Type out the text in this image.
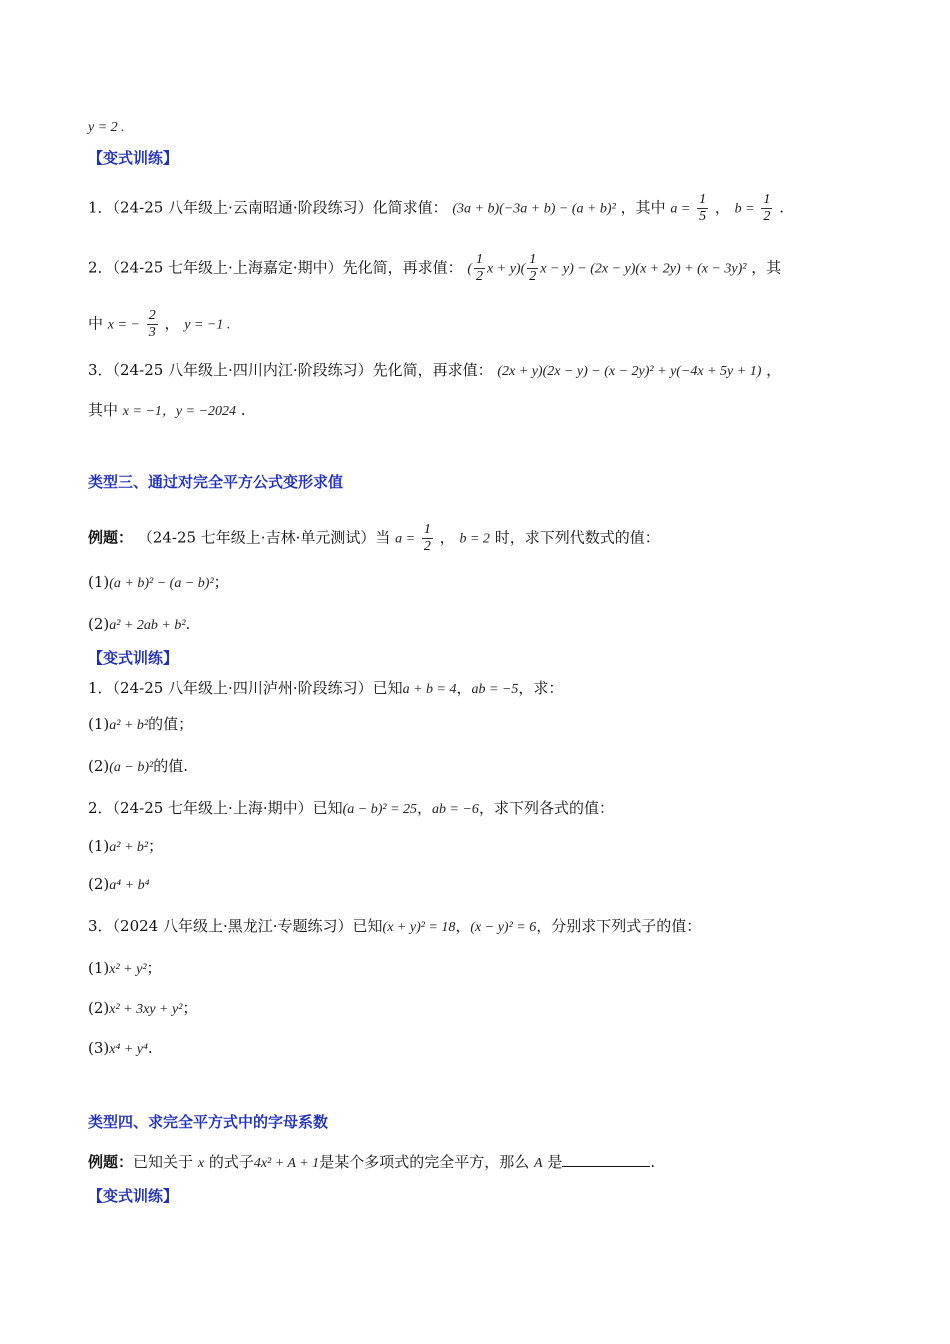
y = 2 .
【变式训练】
1．（24-25 八年级上·云南昭通·阶段练习）化简求值： (3a + b)(−3a + b) − (a + b)² ，其中 $a = \frac{1}{5}$ ， $b = \frac{1}{2}$ .
2．（24-25 七年级上·上海嘉定·期中）先化简，再求值： ( $\frac{1}{2}$ $x + y)( \frac{1}{2}$ x − y) − (2x − y)(x + 2y) + (x − 3y)² ，其
中 x = − $\frac{2}{3}$ ， y = −1 .
3．（24-25 八年级上·四川内江·阶段练习）先化简，再求值： (2x + y)(2x − y) − (x − 2y)² + y(−4x + 5y + 1) ，
其中 x = −1，y = −2024 .
类型三、通过对完全平方公式变形求值
例题： （24-25 七年级上·吉林·单元测试）当 $a = \frac{1}{2}$ ， b = 2 时，求下列代数式的值：
(1)(a + b)² − (a − b)²；
(2)a² + 2ab + b².
【变式训练】
1．（24-25 八年级上·四川泸州·阶段练习）已知a + b = 4，ab = −5，求：
(1)a² + b²的值；
(2)(a − b)²的值.
2．（24-25 七年级上·上海·期中）已知(a − b)² = 25，ab = −6，求下列各式的值：
(1)a² + b²；
(2)a⁴ + b⁴
3．（2024 八年级上·黑龙江·专题练习）已知(x + y)² = 18，(x − y)² = 6，分别求下列式子的值：
(1)x² + y²；
(2)x² + 3xy + y²；
(3)x⁴ + y⁴.
类型四、求完全平方式中的字母系数
例题：已知关于 x 的式子4x² + A + 1是某个多项式的完全平方，那么 A 是	.
【变式训练】
